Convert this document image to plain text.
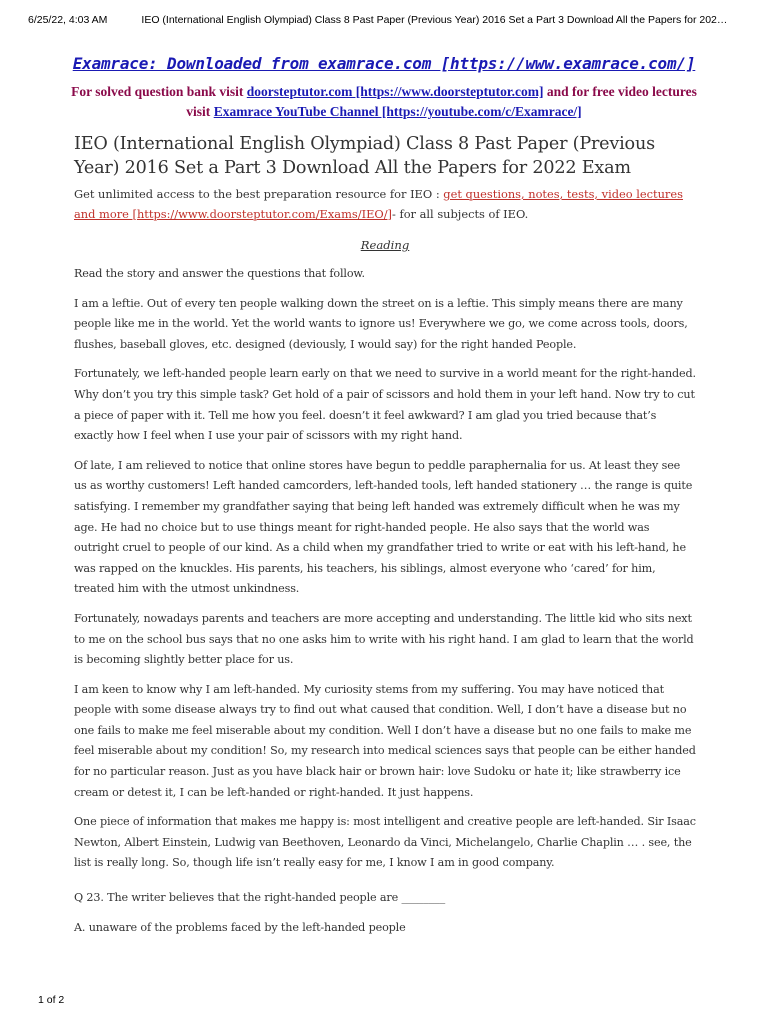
6/25/22, 4:03 AM	IEO (International English Olympiad) Class 8 Past Paper (Previous Year) 2016 Set a Part 3 Download All the Papers for 202…
Examrace: Downloaded from examrace.com [https://www.examrace.com/]
For solved question bank visit doorsteptutor.com [https://www.doorsteptutor.com] and for free video lectures visit Examrace YouTube Channel [https://youtube.com/c/Examrace/]
IEO (International English Olympiad) Class 8 Past Paper (Previous Year) 2016 Set a Part 3 Download All the Papers for 2022 Exam
Get unlimited access to the best preparation resource for IEO : get questions, notes, tests, video lectures and more [https://www.doorsteptutor.com/Exams/IEO/]- for all subjects of IEO.
Reading

Read the story and answer the questions that follow.

I am a leftie. Out of every ten people walking down the street on is a leftie. This simply means there are many people like me in the world. Yet the world wants to ignore us! Everywhere we go, we come across tools, doors, flushes, baseball gloves, etc. designed (deviously, I would say) for the right handed People.

Fortunately, we left-handed people learn early on that we need to survive in a world meant for the right-handed. Why don’t you try this simple task? Get hold of a pair of scissors and hold them in your left hand. Now try to cut a piece of paper with it. Tell me how you feel. doesn’t it feel awkward? I am glad you tried because that’s exactly how I feel when I use your pair of scissors with my right hand.

Of late, I am relieved to notice that online stores have begun to peddle paraphernalia for us. At least they see us as worthy customers! Left handed camcorders, left-handed tools, left handed stationery … the range is quite satisfying. I remember my grandfather saying that being left handed was extremely difficult when he was my age. He had no choice but to use things meant for right-handed people. He also says that the world was outright cruel to people of our kind. As a child when my grandfather tried to write or eat with his left-hand, he was rapped on the knuckles. His parents, his teachers, his siblings, almost everyone who ‘cared’ for him, treated him with the utmost unkindness.

Fortunately, nowadays parents and teachers are more accepting and understanding. The little kid who sits next to me on the school bus says that no one asks him to write with his right hand. I am glad to learn that the world is becoming slightly better place for us.

I am keen to know why I am left-handed. My curiosity stems from my suffering. You may have noticed that people with some disease always try to find out what caused that condition. Well, I don’t have a disease but no one fails to make me feel miserable about my condition. Well I don’t have a disease but no one fails to make me feel miserable about my condition! So, my research into medical sciences says that people can be either handed for no particular reason. Just as you have black hair or brown hair: love Sudoku or hate it; like strawberry ice cream or detest it, I can be left-handed or right-handed. It just happens.

One piece of information that makes me happy is: most intelligent and creative people are left-handed. Sir Isaac Newton, Albert Einstein, Ludwig van Beethoven, Leonardo da Vinci, Michelangelo, Charlie Chaplin … . see, the list is really long. So, though life isn’t really easy for me, I know I am in good company.

Q 23. The writer believes that the right-handed people are ________

A. unaware of the problems faced by the left-handed people

1 of 2
